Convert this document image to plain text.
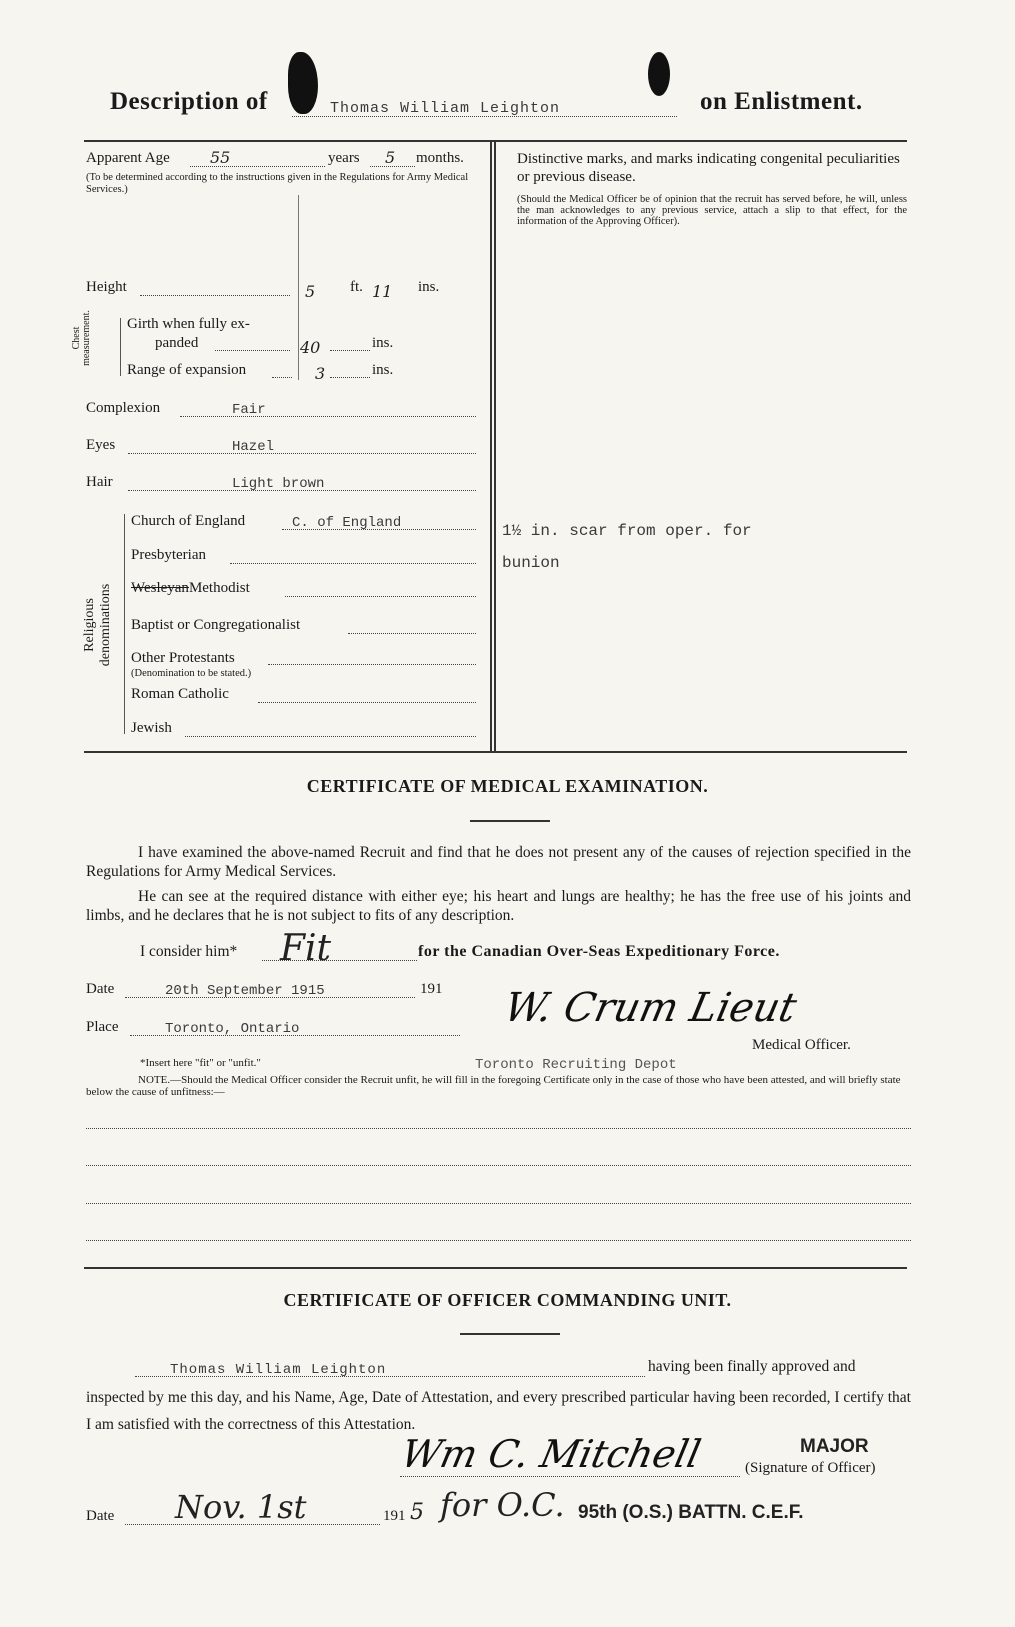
Description of	Thomas William Leighton	on Enlistment.
Apparent Age	55	years 5 months.
(To be determined according to the instructions given in the Regulations for Army Medical Services.)
Height	5 ft. 11 ins.
Chest measurement. Girth when fully ex-
panded	40	ins.
Range of expansion	3	ins.
Complexion	Fair
Eyes	Hazel
Hair	Light brown
Religious denominations
Church of England	C. of England
Presbyterian
WesleyanMethodist
Baptist or Congregationalist
Other Protestants
(Denomination to be stated.)
Roman Catholic
Jewish
Distinctive marks, and marks indicating congenital peculiarities or previous disease.
(Should the Medical Officer be of opinion that the recruit has served before, he will, unless the man acknowledges to any previous service, attach a slip to that effect, for the information of the Approving Officer).
1½ in. scar from oper. for
bunion
CERTIFICATE OF MEDICAL EXAMINATION.
I have examined the above-named Recruit and find that he does not present any of the causes of rejection specified in the Regulations for Army Medical Services.
He can see at the required distance with either eye; his heart and lungs are healthy; he has the free use of his joints and limbs, and he declares that he is not subject to fits of any description.
I consider him* Fit	for the Canadian Over-Seas Expeditionary Force.
Date	20th September 1915	191
Place	Toronto, Ontario	W. Crum Lieut
Medical Officer.
*Insert here "fit" or "unfit."	Toronto Recruiting Depot
NOTE.—Should the Medical Officer consider the Recruit unfit, he will fill in the foregoing Certificate only in the case of those who have been attested, and will briefly state below the cause of unfitness:—
CERTIFICATE OF OFFICER COMMANDING UNIT.
Thomas William Leighton	having been finally approved and
inspected by me this day, and his Name, Age, Date of Attestation, and every prescribed particular having been recorded, I certify that I am satisfied with the correctness of this Attestation.
Wm C. Mitchell	MAJOR
(Signature of Officer)
Date Nov. 1st	191 5 for O.C. 95th (O.S.) BATTN. C.E.F.
